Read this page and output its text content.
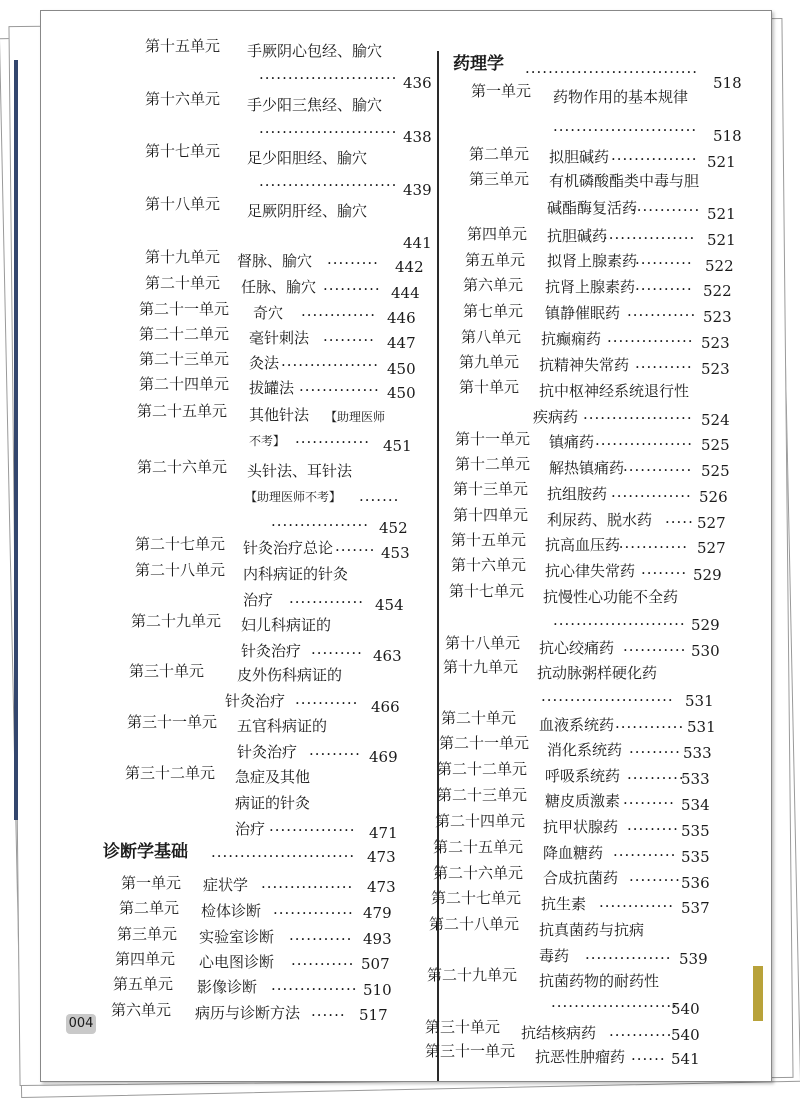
004
第十五单元 手厥阴心包经、腧穴
························ 436
第十六单元 手少阳三焦经、腧穴
························ 438
第十七单元 足少阳胆经、腧穴
························ 439
第十八单元 足厥阴肝经、腧穴
441
第十九单元 督脉、腧穴 ········· 442
第二十单元 任脉、腧穴 ·········· 444
第二十一单元 奇穴 ············· 446
第二十二单元 毫针刺法 ········· 447
第二十三单元 灸法 ················· 450
第二十四单元 拔罐法 ·············· 450
第二十五单元 其他针法 【助理医师
不考】 ············· 451
第二十六单元 头针法、耳针法
【助理医师不考】
·················
·······
452
第二十七单元 针灸治疗总论 ······· 453
第二十八单元 内科病证的针灸
治疗 ············· 454
第二十九单元 妇儿科病证的
针灸治疗 ········· 463
第三十单元 皮外伤科病证的
针灸治疗 ··········· 466
第三十一单元 五官科病证的
针灸治疗 ········· 469
第三十二单元 急症及其他
病证的针灸
治疗 ··············· 471
诊断学基础 ························· 473
第一单元 症状学 ················ 473
第二单元 检体诊断 ·············· 479
第三单元 实验室诊断 ··········· 493
第四单元 心电图诊断 ··········· 507
第五单元 影像诊断 ··············· 510
第六单元 病历与诊断方法 ······ 517
药理学 ······························
518
第一单元 药物作用的基本规律
·························	518
第二单元 拟胆碱药 ··············· 521
第三单元 有机磷酸酯类中毒与胆
碱酯酶复活药
············ 521
第四单元 抗胆碱药
················ 521
第五单元 拟肾上腺素药
·········· 522
第六单元 抗肾上腺素药 ·········· 522
第七单元 镇静催眠药 ············ 523
第八单元 抗癫痫药 ··············· 523
第九单元 抗精神失常药 ·········· 523
第十单元 抗中枢神经系统退行性
疾病药 ··················· 524
第十一单元 镇痛药 ················· 525
第十二单元 解热镇痛药
············ 525
第十三单元 抗组胺药 ·············· 526
第十四单元 利尿药、脱水药 ····· 527
第十五单元 抗高血压药
············· 527
第十六单元 抗心律失常药 ········ 529
第十七单元 抗慢性心功能不全药
······················· 529
第十八单元 抗心绞痛药 ··········· 530
第十九单元 抗动脉粥样硬化药
······················· 531
第二十单元 血液系统药 ············ 531
第二十一单元 消化系统药 ········· 533
第二十二单元 呼吸系统药 ··········
533
第二十三单元 糖皮质激素 ········· 534
第二十四单元 抗甲状腺药 ········· 535
第二十五单元 降血糖药 ··········· 535
第二十六单元 合成抗菌药 ········· 536
第二十七单元 抗生素 ············· 537
第二十八单元 抗真菌药与抗病
毒药 ··············· 539
第二十九单元 抗菌药物的耐药性
······················
540
第三十单元 抗结核病药 ···········
540
第三十一单元 抗恶性肿瘤药 ······ 541
